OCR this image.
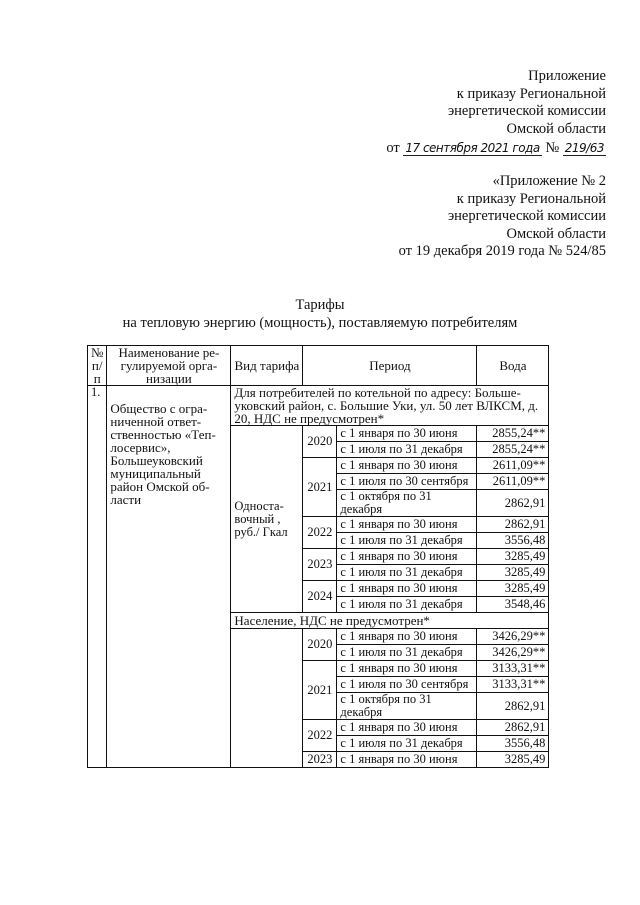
Приложение
к приказу Региональной
энергетической комиссии
Омской области
от 17 сентября 2021 года № 219/63
«Приложение № 2
к приказу Региональной
энергетической комиссии
Омской области
от 19 декабря 2019 года № 524/85
Тарифы
на тепловую энергию (мощность), поставляемую потребителям
№ п/п	Наименование ре-гулируемой орга-низации	Вид тарифа	Период		Вода
1.	Общество с огра-ниченной ответ-ственностью «Теп-лосервис», Большеуковский муниципальный район Омской об-ласти	Для потребителей по котельной по адресу: Больше-уковский район, с. Большие Уки, ул. 50 лет ВЛКСМ, д. 20, НДС не предусмотрен*			
		Односта-вочный , руб./ Гкал	2020	с 1 января по 30 июня	2855,24**
				с 1 июля по 31 декабря	2855,24**
			2021	с 1 января по 30 июня	2611,09**
				с 1 июля по 30 сентября	2611,09**
				с 1 октября по 31 декабря	2862,91
			2022	с 1 января по 30 июня	2862,91
				с 1 июля по 31 декабря	3556,48
			2023	с 1 января по 30 июня	3285,49
				с 1 июля по 31 декабря	3285,49
			2024	с 1 января по 30 июня	3285,49
				с 1 июля по 31 декабря	3548,46
		Население, НДС не предусмотрен*			
			2020	с 1 января по 30 июня	3426,29**
				с 1 июля по 31 декабря	3426,29**
			2021	с 1 января по 30 июня	3133,31**
				с 1 июля по 30 сентября	3133,31**
				с 1 октября по 31 декабря	2862,91
			2022	с 1 января по 30 июня	2862,91
				с 1 июля по 31 декабря	3556,48
			2023	с 1 января по 30 июня	3285,49
